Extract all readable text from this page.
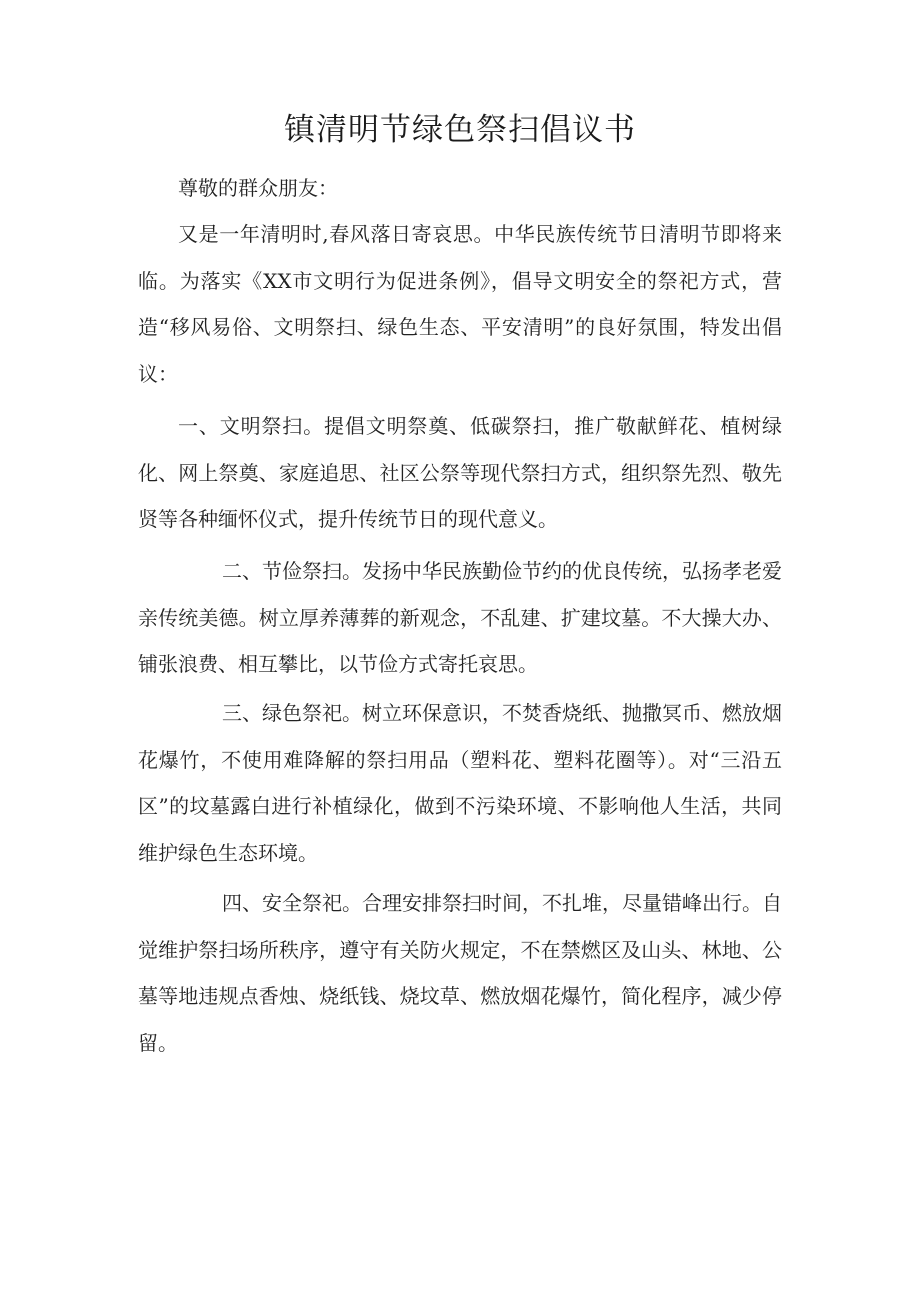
镇清明节绿色祭扫倡议书

尊敬的群众朋友：

又是一年清明时,春风落日寄哀思。中华民族传统节日清明节即将来临。为落实《XX市文明行为促进条例》，倡导文明安全的祭祀方式，营造“移风易俗、文明祭扫、绿色生态、平安清明”的良好氛围，特发出倡议：

一、文明祭扫。提倡文明祭奠、低碳祭扫，推广敬献鲜花、植树绿化、网上祭奠、家庭追思、社区公祭等现代祭扫方式，组织祭先烈、敬先贤等各种缅怀仪式，提升传统节日的现代意义。

二、节俭祭扫。发扬中华民族勤俭节约的优良传统，弘扬孝老爱亲传统美德。树立厚养薄葬的新观念，不乱建、扩建坟墓。不大操大办、铺张浪费、相互攀比，以节俭方式寄托哀思。

三、绿色祭祀。树立环保意识，不焚香烧纸、抛撒冥币、燃放烟花爆竹，不使用难降解的祭扫用品（塑料花、塑料花圈等）。对“三沿五区”的坟墓露白进行补植绿化，做到不污染环境、不影响他人生活，共同维护绿色生态环境。

四、安全祭祀。合理安排祭扫时间，不扎堆，尽量错峰出行。自觉维护祭扫场所秩序，遵守有关防火规定，不在禁燃区及山头、林地、公墓等地违规点香烛、烧纸钱、烧坟草、燃放烟花爆竹，简化程序，减少停留。
